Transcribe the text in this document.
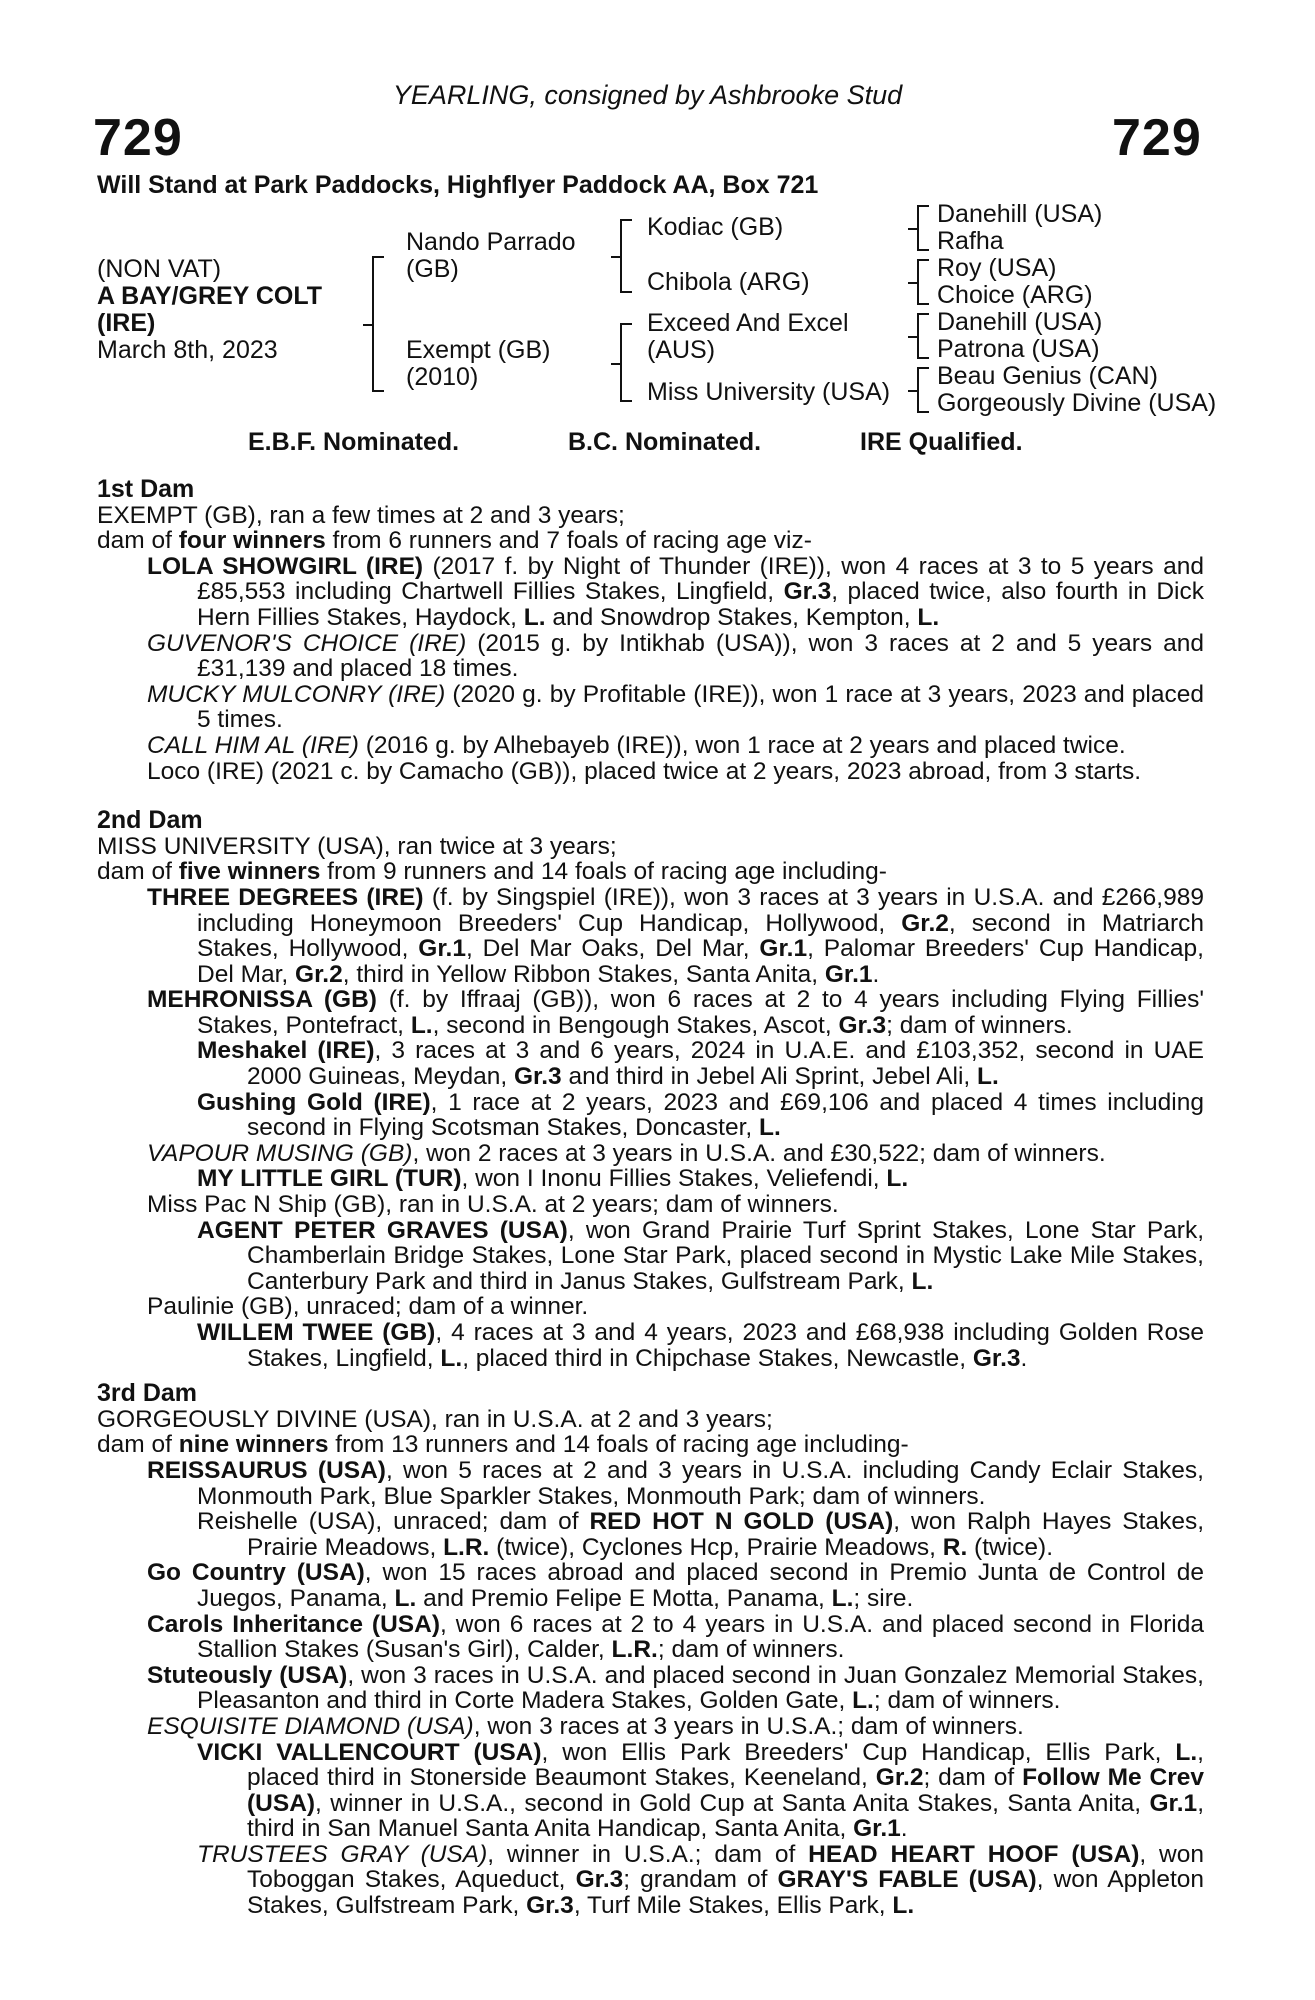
YEARLING, consigned by Ashbrooke Stud
729	729
Will Stand at Park Paddocks, Highflyer Paddock AA, Box 721
(NON VAT)
A BAY/GREY COLT
(IRE)
March 8th, 2023
Nando Parrado
(GB)
Exempt (GB)
(2010)
Kodiac (GB)
Chibola (ARG)
Exceed And Excel
(AUS)
Miss University (USA)
Danehill (USA)
Rafha
Roy (USA)
Choice (ARG)
Danehill (USA)
Patrona (USA)
Beau Genius (CAN)
Gorgeously Divine (USA)
E.B.F. Nominated.	B.C. Nominated.	IRE Qualified.

1st Dam

EXEMPT (GB), ran a few times at 2 and 3 years;

dam of four winners from 6 runners and 7 foals of racing age viz-

LOLA SHOWGIRL (IRE) (2017 f. by Night of Thunder (IRE)), won 4 races at 3 to 5 years and £85,553 including Chartwell Fillies Stakes, Lingfield, Gr.3, placed twice, also fourth in Dick Hern Fillies Stakes, Haydock, L. and Snowdrop Stakes, Kempton, L.

GUVENOR'S CHOICE (IRE) (2015 g. by Intikhab (USA)), won 3 races at 2 and 5 years and £31,139 and placed 18 times.

MUCKY MULCONRY (IRE) (2020 g. by Profitable (IRE)), won 1 race at 3 years, 2023 and placed 5 times.

CALL HIM AL (IRE) (2016 g. by Alhebayeb (IRE)), won 1 race at 2 years and placed twice.

Loco (IRE) (2021 c. by Camacho (GB)), placed twice at 2 years, 2023 abroad, from 3 starts.

2nd Dam

MISS UNIVERSITY (USA), ran twice at 3 years;

dam of five winners from 9 runners and 14 foals of racing age including-

THREE DEGREES (IRE) (f. by Singspiel (IRE)), won 3 races at 3 years in U.S.A. and £266,989 including Honeymoon Breeders' Cup Handicap, Hollywood, Gr.2, second in Matriarch Stakes, Hollywood, Gr.1, Del Mar Oaks, Del Mar, Gr.1, Palomar Breeders' Cup Handicap, Del Mar, Gr.2, third in Yellow Ribbon Stakes, Santa Anita, Gr.1.

MEHRONISSA (GB) (f. by Iffraaj (GB)), won 6 races at 2 to 4 years including Fly﻿ing Fillies' Stakes, Pontefract, L., second in Bengough Stakes, Ascot, Gr.3; dam of winners.

Meshakel (IRE), 3 races at 3 and 6 years, 2024 in U.A.E. and £103,352, second in UAE 2000 Guineas, Meydan, Gr.3 and third in Jebel Ali Sprint, Jebel Ali, L.

Gushing Gold (IRE), 1 race at 2 years, 2023 and £69,106 and placed 4 times including second in Flying Scotsman Stakes, Doncaster, L.

VAPOUR MUSING (GB), won 2 races at 3 years in U.S.A. and £30,522; dam of winners.

MY LITTLE GIRL (TUR), won I Inonu Fillies Stakes, Veliefendi, L.

Miss Pac N Ship (GB), ran in U.S.A. at 2 years; dam of winners.

AGENT PETER GRAVES (USA), won Grand Prairie Turf Sprint Stakes, Lone Star Park, Chamberlain Bridge Stakes, Lone Star Park, placed second in Mystic Lake Mile Stakes, Canterbury Park and third in Janus Stakes, Gulfstream Park, L.

Paulinie (GB), unraced; dam of a winner.

WILLEM TWEE (GB), 4 races at 3 and 4 years, 2023 and £68,938 including Golden Rose Stakes, Lingfield, L., placed third in Chipchase Stakes, Newcastle, Gr.3.

3rd Dam

GORGEOUSLY DIVINE (USA), ran in U.S.A. at 2 and 3 years;

dam of nine winners from 13 runners and 14 foals of racing age including-

REISSAURUS (USA), won 5 races at 2 and 3 years in U.S.A. including Candy Eclair Stakes, Monmouth Park, Blue Sparkler Stakes, Monmouth Park; dam of winners.

Reishelle (USA), unraced; dam of RED HOT N GOLD (USA), won Ralph Hayes Stakes, Prairie Meadows, L.R. (twice), Cyclones Hcp, Prairie Meadows, R. (twice).

Go Country (USA), won 15 races abroad and placed second in Premio Junta de Control de Juegos, Panama, L. and Premio Felipe E Motta, Panama, L.; sire.

Carols Inheritance (USA), won 6 races at 2 to 4 years in U.S.A. and placed second in Florida Stallion Stakes (Susan's Girl), Calder, L.R.; dam of winners.

Stuteously (USA), won 3 races in U.S.A. and placed second in Juan Gonzalez Memorial Stakes, Pleasanton and third in Corte Madera Stakes, Golden Gate, L.; dam of winners.

ESQUISITE DIAMOND (USA), won 3 races at 3 years in U.S.A.; dam of winners.

VICKI VALLENCOURT (USA), won Ellis Park Breeders' Cup Handicap, Ellis Park, L., placed third in Stonerside Beaumont Stakes, Keeneland, Gr.2; dam of Follow Me Crev (USA), winner in U.S.A., second in Gold Cup at Santa Anita Stakes, Santa Anita, Gr.1, third in San Manuel Santa Anita Handicap, Santa Anita, Gr.1.

TRUSTEES GRAY (USA), winner in U.S.A.; dam of HEAD HEART HOOF (USA), won Toboggan Stakes, Aqueduct, Gr.3; grandam of GRAY'S FABLE (USA), won Appleton Stakes, Gulfstream Park, Gr.3, Turf Mile Stakes, Ellis Park, L.
